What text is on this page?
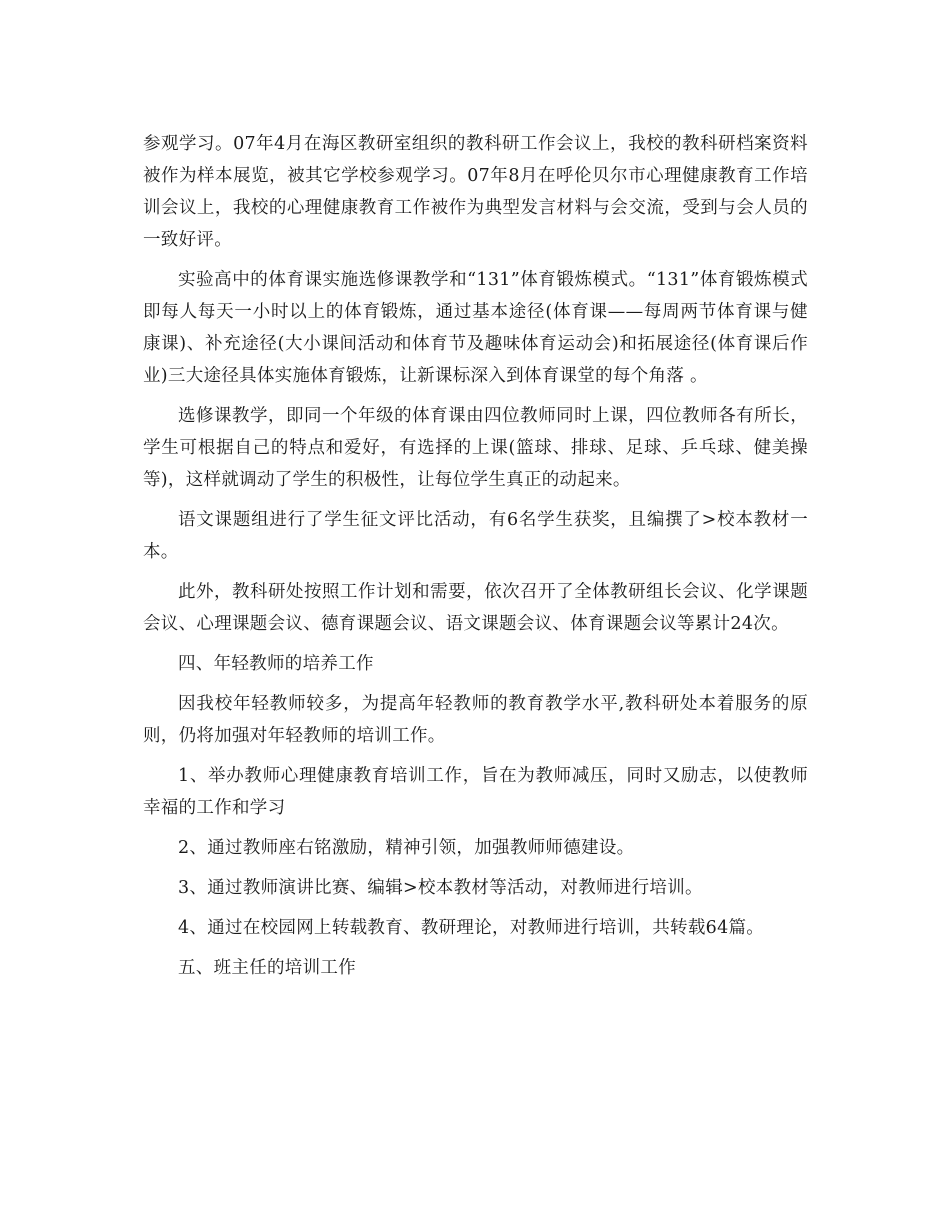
参观学习。07年4月在海区教研室组织的教科研工作会议上，我校的教科研档案资料被作为样本展览，被其它学校参观学习。07年8月在呼伦贝尔市心理健康教育工作培训会议上，我校的心理健康教育工作被作为典型发言材料与会交流，受到与会人员的一致好评。

实验高中的体育课实施选修课教学和“131”体育锻炼模式。“131”体育锻炼模式即每人每天一小时以上的体育锻炼，通过基本途径(体育课——每周两节体育课与健康课)、补充途径(大小课间活动和体育节及趣味体育运动会)和拓展途径(体育课后作业)三大途径具体实施体育锻炼，让新课标深入到体育课堂的每个角落 。

选修课教学，即同一个年级的体育课由四位教师同时上课，四位教师各有所长，学生可根据自己的特点和爱好，有选择的上课(篮球、排球、足球、乒乓球、健美操等)，这样就调动了学生的积极性，让每位学生真正的动起来。

语文课题组进行了学生征文评比活动，有6名学生获奖，且编撰了>校本教材一本。

此外，教科研处按照工作计划和需要，依次召开了全体教研组长会议、化学课题会议、心理课题会议、德育课题会议、语文课题会议、体育课题会议等累计24次。

四、年轻教师的培养工作

因我校年轻教师较多，为提高年轻教师的教育教学水平,教科研处本着服务的原则，仍将加强对年轻教师的培训工作。

1、举办教师心理健康教育培训工作，旨在为教师减压，同时又励志，以使教师幸福的工作和学习

2、通过教师座右铭激励，精神引领，加强教师师德建设。

3、通过教师演讲比赛、编辑>校本教材等活动，对教师进行培训。

4、通过在校园网上转载教育、教研理论，对教师进行培训，共转载64篇。

五、班主任的培训工作
